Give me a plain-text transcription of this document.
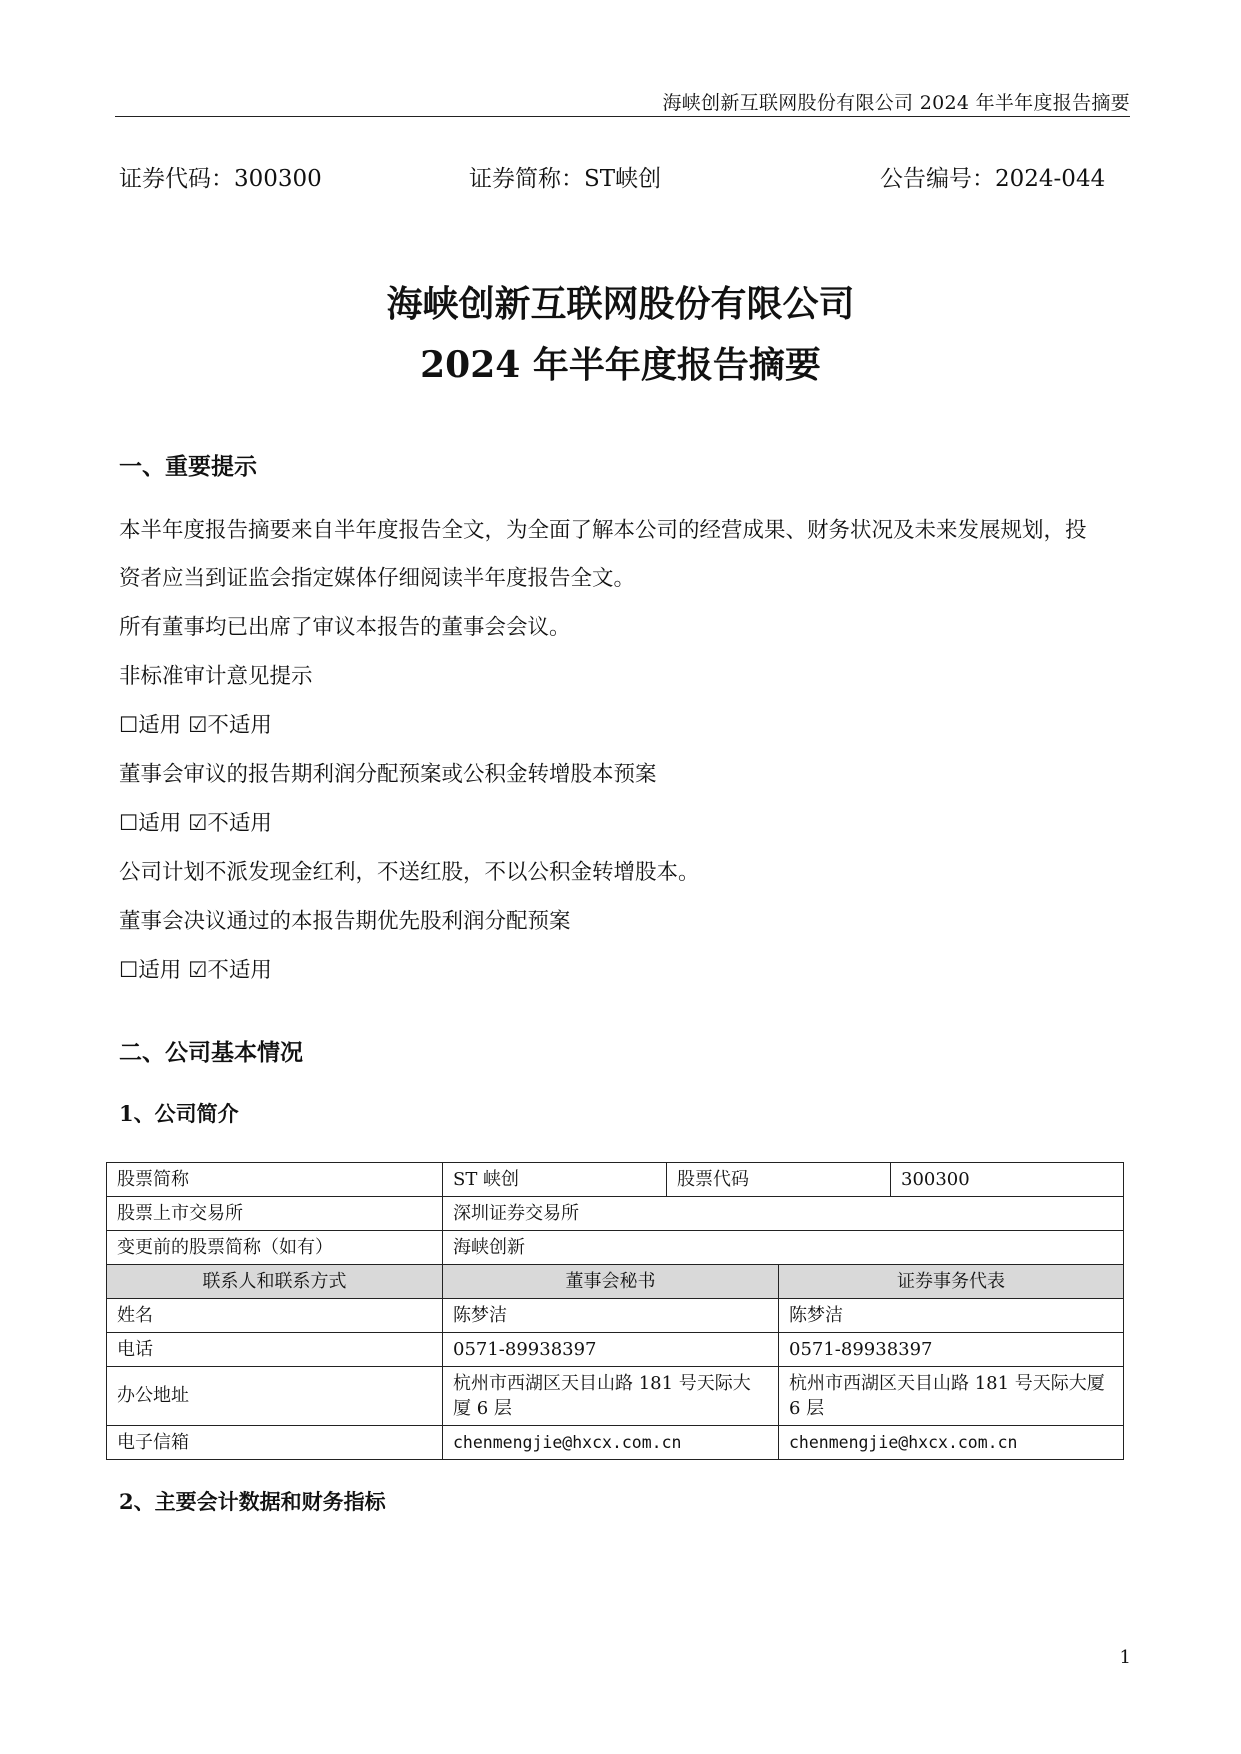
海峡创新互联网股份有限公司 2024 年半年度报告摘要
证券代码：300300	证券简称：ST峡创	公告编号：2024-044
海峡创新互联网股份有限公司
2024 年半年度报告摘要
一、重要提示
本半年度报告摘要来自半年度报告全文，为全面了解本公司的经营成果、财务状况及未来发展规划，投
资者应当到证监会指定媒体仔细阅读半年度报告全文。
所有董事均已出席了审议本报告的董事会会议。
非标准审计意见提示
☐适用 ☑不适用
董事会审议的报告期利润分配预案或公积金转增股本预案
☐适用 ☑不适用
公司计划不派发现金红利，不送红股，不以公积金转增股本。
董事会决议通过的本报告期优先股利润分配预案
☐适用 ☑不适用
二、公司基本情况
1、公司简介
股票简称	ST 峡创	股票代码		300300
股票上市交易所	深圳证券交易所			
变更前的股票简称（如有）	海峡创新			
联系人和联系方式	董事会秘书		证券事务代表	
姓名	陈梦洁		陈梦洁	
电话	0571-89938397		0571-89938397	
办公地址	杭州市西湖区天目山路 181 号天际大厦 6 层		杭州市西湖区天目山路 181 号天际大厦 6 层	
电子信箱	chenmengjie@hxcx.com.cn		chenmengjie@hxcx.com.cn	
2、主要会计数据和财务指标
1
